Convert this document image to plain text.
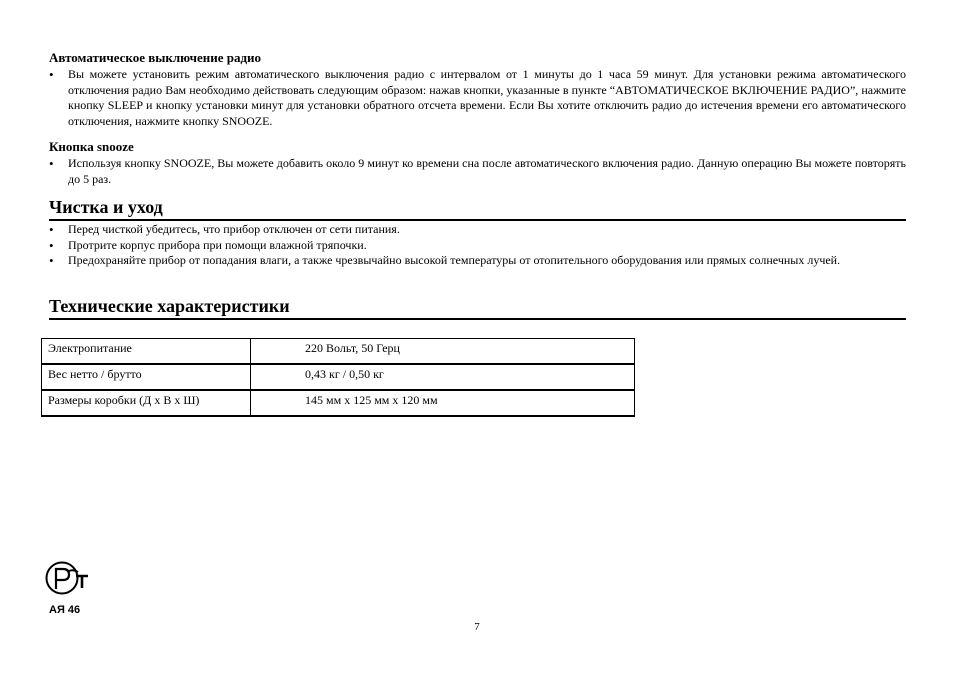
Автоматическое выключение радио
• Вы можете установить режим автоматического выключения радио с интервалом от 1 минуты до 1 часа 59 минут. Для установки режима автоматического отключения радио Вам необходимо действовать следующим образом: нажав кнопки, указанные в пункте “АВТОМАТИЧЕСКОЕ ВКЛЮЧЕНИЕ РАДИО”, нажмите кнопку SLEEP и кнопку установки минут для установки обратного отсчета времени. Если Вы хотите отключить радио до истечения времени его автоматического отключения, нажмите кнопку SNOOZE.
Кнопка snooze
• Используя кнопку SNOOZE, Вы можете добавить около 9 минут ко времени сна после автоматического включения радио. Данную операцию Вы можете повторять до 5 раз.
Чистка и уход
• Перед чисткой убедитесь, что прибор отключен от сети питания.
• Протрите корпус прибора при помощи влажной тряпочки.
• Предохраняйте прибор от попадания влаги, а также чрезвычайно высокой температуры от отопительного оборудования или прямых солнечных лучей.
Технические характеристики
Электропитание	220 Вольт, 50 Герц
Вес нетто / брутто	0,43 кг / 0,50 кг
Размеры коробки (Д х В х Ш)	145 мм х 125 мм х 120 мм
АЯ 46
7
